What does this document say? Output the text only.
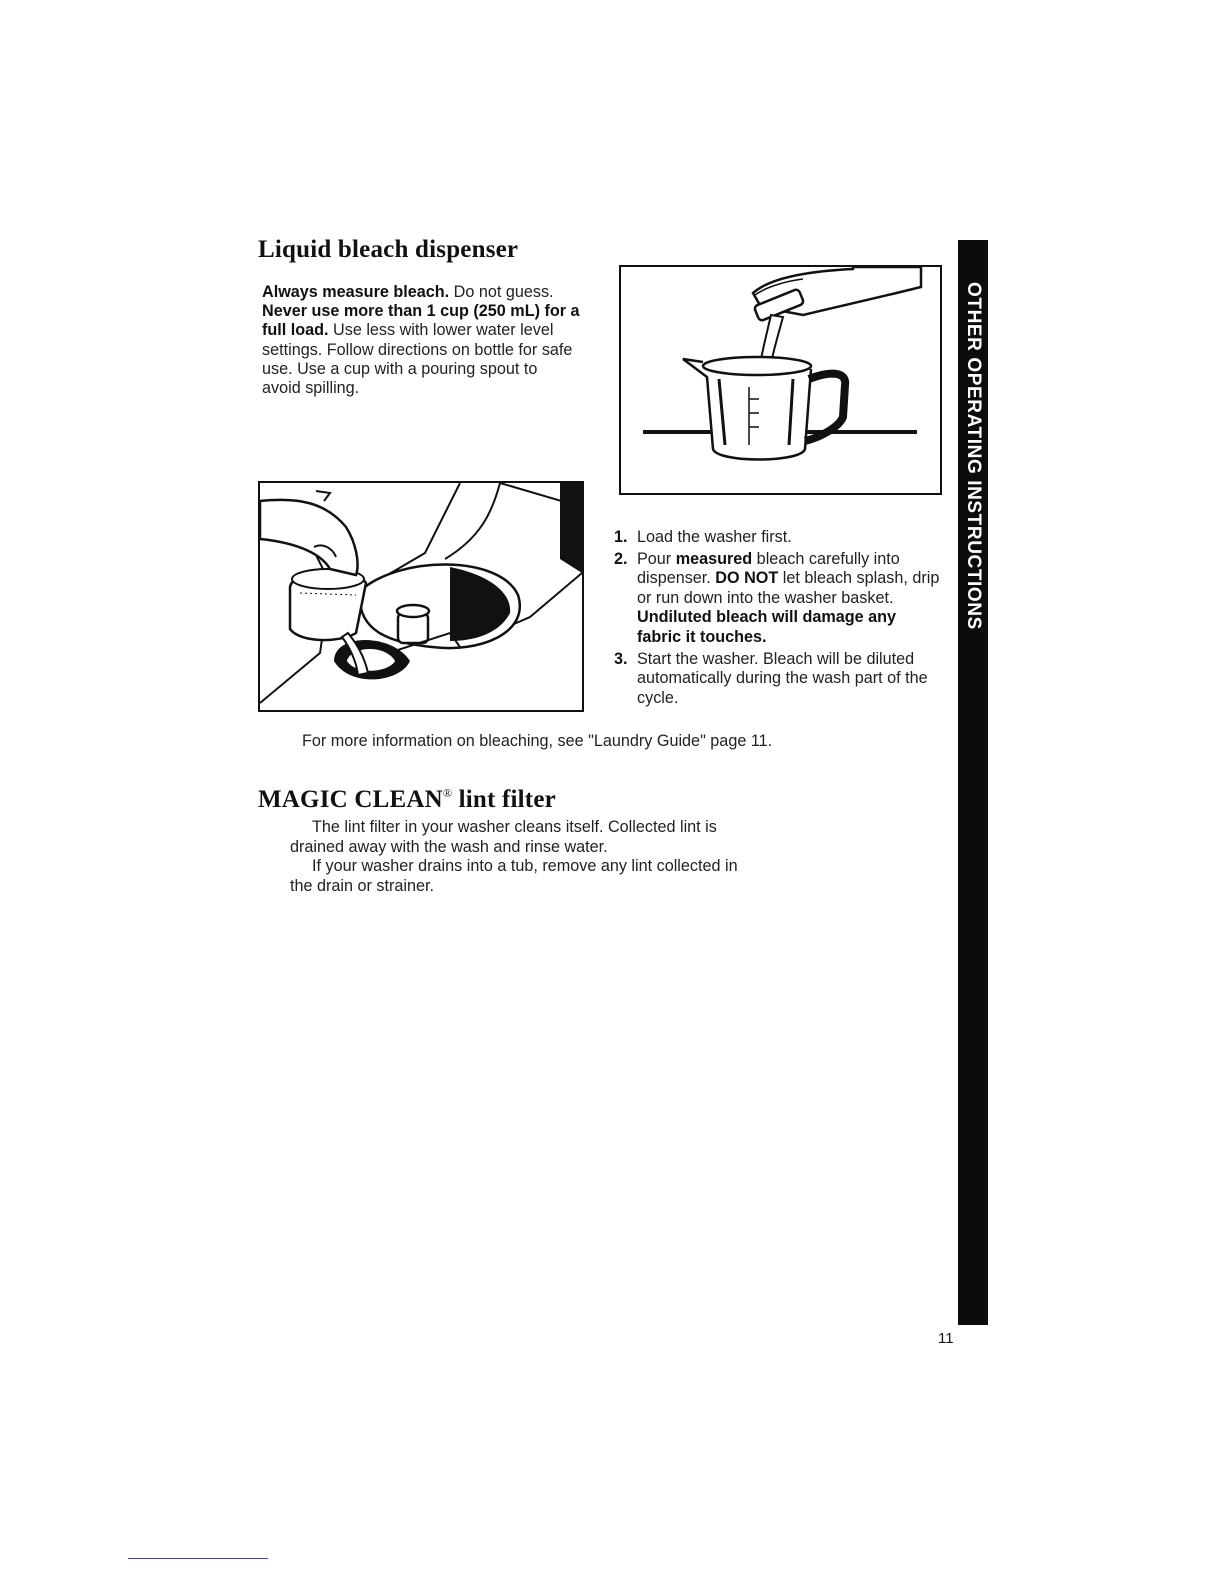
Liquid bleach dispenser
Always measure bleach. Do not guess. Never use more than 1 cup (250 mL) for a full load. Use less with lower water level settings. Follow directions on bottle for safe use. Use a cup with a pouring spout to avoid spilling.
1. Load the washer first.
2. Pour measured bleach carefully into dispenser. DO NOT let bleach splash, drip or run down into the washer basket. Undiluted bleach will damage any fabric it touches.
3. Start the washer. Bleach will be diluted automatically during the wash part of the cycle.
For more information on bleaching, see "Laundry Guide" page 11.
MAGIC CLEAN® lint filter
The lint filter in your washer cleans itself. Collected lint is drained away with the wash and rinse water.
If your washer drains into a tub, remove any lint collected in the drain or strainer.
OTHER OPERATING INSTRUCTIONS
11
